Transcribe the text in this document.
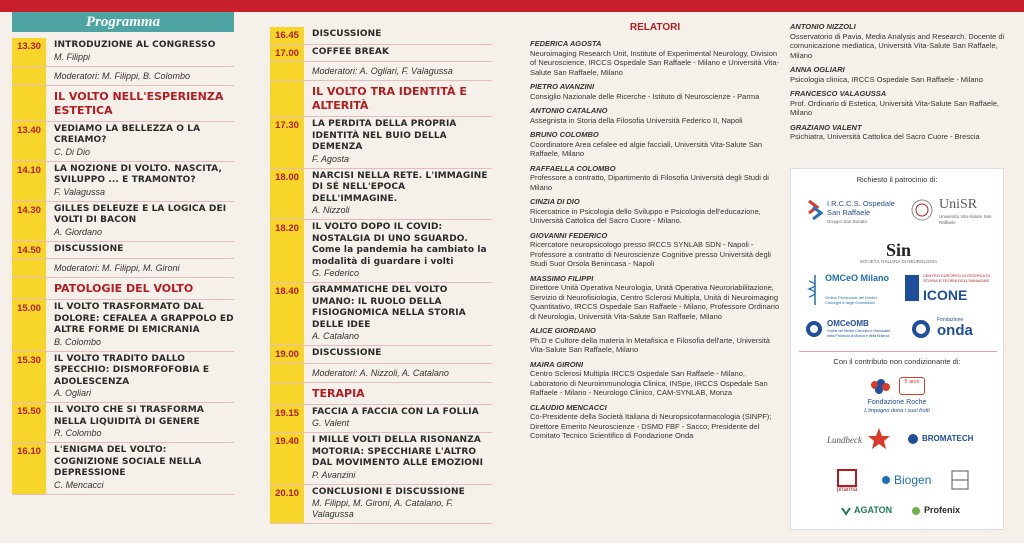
Programma
13.30	INTRODUZIONE AL CONGRESSO
M. Filippi
Moderatori: M. Filippi, B. Colombo
IL VOLTO NELL'ESPERIENZA ESTETICA
13.40	VEDIAMO LA BELLEZZA O LA CREIAMO?
C. Di Dio
14.10	LA NOZIONE DI VOLTO. NASCITA, SVILUPPO ... E TRAMONTO?
F. Valagussa
14.30	GILLES DELEUZE E LA LOGICA DEI VOLTI DI BACON
A. Giordano
14.50	DISCUSSIONE
Moderatori: M. Filippi, M. Gironi
PATOLOGIE DEL VOLTO
15.00	IL VOLTO TRASFORMATO DAL DOLORE: CEFALEA A GRAPPOLO ED ALTRE FORME DI EMICRANIA
B. Colombo
15.30	IL VOLTO TRADITO DALLO SPECCHIO: DISMORFOFOBIA E ADOLESCENZA
A. Ogliari
15.50	IL VOLTO CHE SI TRASFORMA NELLA LIQUIDITÀ DI GENERE
R. Colombo
16.10	L'ENIGMA DEL VOLTO: COGNIZIONE SOCIALE NELLA DEPRESSIONE
C. Mencacci
16.45	DISCUSSIONE
17.00	COFFEE BREAK
Moderatori: A. Ogliari, F. Valagussa
IL VOLTO TRA IDENTITÀ E ALTERITÀ
17.30	LA PERDITA DELLA PROPRIA IDENTITÀ NEL BUIO DELLA DEMENZA
F. Agosta
18.00	NARCISI NELLA RETE. L'IMMAGINE DI SÉ NELL'EPOCA DELL'IMMAGINE.
A. Nizzoli
18.20	IL VOLTO DOPO IL COVID: NOSTALGIA DI UNO SGUARDO. Come la pandemia ha cambiato la modalità di guardare i volti
G. Federico
18.40	GRAMMATICHE DEL VOLTO UMANO: IL RUOLO DELLA FISIOGNOMICA NELLA STORIA DELLE IDEE
A. Catalano
19.00	DISCUSSIONE
Moderatori: A. Nizzoli, A. Catalano
TERAPIA
19.15	FACCIA A FACCIA CON LA FOLLIA
G. Valent
19.40	I MILLE VOLTI DELLA RISONANZA MOTORIA: SPECCHIARE L'ALTRO DAL MOVIMENTO ALLE EMOZIONI
P. Avanzini
20.10	CONCLUSIONI E DISCUSSIONE
M. Filippi, M. Gironi, A. Catalano, F. Valagussa
RELATORI
FEDERICA AGOSTA
Neuroimaging Research Unit, Institute of Experimental Neurology, Division of Neuroscience, IRCCS Ospedale San Raffaele - Milano e Università Vita-Salute San Raffaele, Milano
PIETRO AVANZINI
Consiglio Nazionale delle Ricerche - Istituto di Neuroscienze - Parma
ANTONIO CATALANO
Assegnista in Storia della Filosofia Università Federico II, Napoli
BRUNO COLOMBO
Coordinatore Area cefalee ed algie facciali, Università Vita-Salute San Raffaele, Milano
RAFFAELLA COLOMBO
Professore a contratto, Dipartimento di Filosofia Università degli Studi di Milano
CINZIA DI DIO
Ricercatrice in Psicologia dello Sviluppo e Psicologia dell'educazione, Università Cattolica del Sacro Cuore - Milano.
GIOVANNI FEDERICO
Ricercatore neuropsicologo presso IRCCS SYNLAB SDN - Napoli - Professore a contratto di Neuroscienze Cognitive presso Università degli Studi Suor Orsola Benincasa - Napoli
MASSIMO FILIPPI
Direttore Unità Operativa Neurologia, Unità Operativa Neuroriabilitazione, Servizio di Neurofisiologia, Centro Sclerosi Multipla, Unità di Neuroimaging Quantitativo, IRCCS Ospedale San Raffaele - Milano, Professore Ordinario di Neurologia, Università Vita-Salute San Raffaele, Milano
ALICE GIORDANO
Ph.D e Cultore della materia in Metafisica e Filosofia dell'arte, Università Vita-Salute San Raffaele, Milano
MAIRA GIRONI
Centro Sclerosi Multipla IRCCS Ospedale San Raffaele - Milano, Laboratorio di Neuroimmunologia Clinica, INSpe, IRCCS Ospedale San Raffaele - Milano - Neurologo Clinico, CAM-SYNLAB, Monza
CLAUDIO MENCACCI
Co-Presidente della Società Italiana di Neuropsicofarmacologia (SINPF); Direttore Emerito Neuroscienze - DSMD FBF - Sacco; Presidente del Comitato Tecnico Scientifico di Fondazione Onda
ANTONIO NIZZOLI
Osservatorio di Pavia, Media Analysis and Research. Docente di comunicazione mediatica, Università Vita-Salute San Raffaele, Milano
ANNA OGLIARI
Psicologia clinica, IRCCS Ospedale San Raffaele - Milano
FRANCESCO VALAGUSSA
Prof. Ordinario di Estetica, Università Vita-Salute San Raffaele, Milano
GRAZIANO VALENT
Psichiatra, Università Cattolica del Sacro Cuore - Brescia
Richiesto il patrocinio di:
I.R.C.C.S. Ospedale San Raffaele
Gruppo San Donato
UniSR
Università Vita-Salute San Raffaele
Sin
SOCIETÀ ITALIANA DI NEUROLOGIA
OMCeO Milano
Ordine Provinciale dei Medici Chirurghi e degli Odontoiatri
CENTRO EUROPEO DI RICERCA DI STORIA E TEORIA DELL'IMMAGINE
ICONE
OMCeOMB
Ordine dei Medici Chirurghi e Odontoiatri della Provincia di Monza e della Brianza
Fondazione
onda
Con il contributo non condizionante di:
5 anni
Fondazione Roche
L'impegno dona i suoi frutti
Lundbeck	BROMATECH
pharma
Biogen
AGATON	Profenix
